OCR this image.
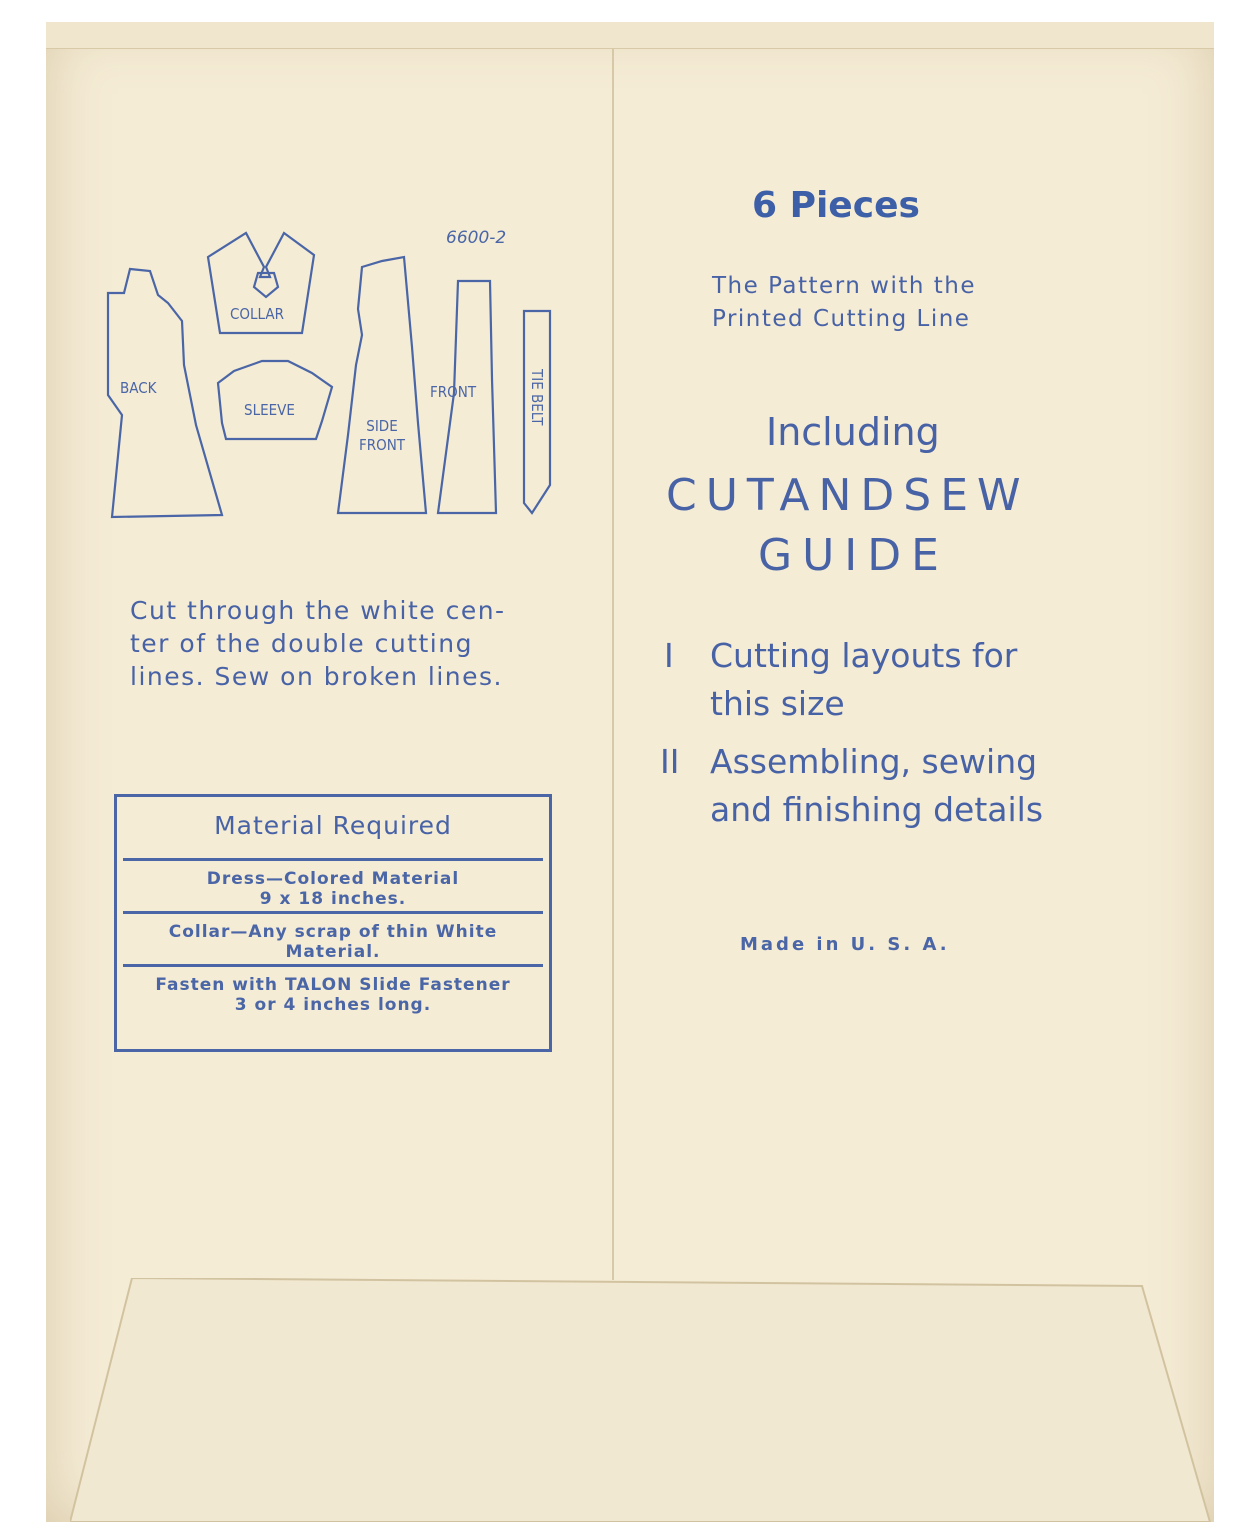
6600-2
BACK
COLLAR
SLEEVE
SIDE
FRONT
FRONT	TIE BELT
Cut through the white cen-
ter of the double cutting
lines. Sew on broken lines.
Material Required
Dress—Colored Material
9 x 18 inches.
Collar—Any scrap of thin White
Material.
Fasten with TALON Slide Fastener
3 or 4 inches long.
6 Pieces
The Pattern with the
Printed Cutting Line
Including
CUTANDSEW
GUIDE
I Cutting layouts for
this size
II Assembling, sewing
and finishing details
Made in U. S. A.
